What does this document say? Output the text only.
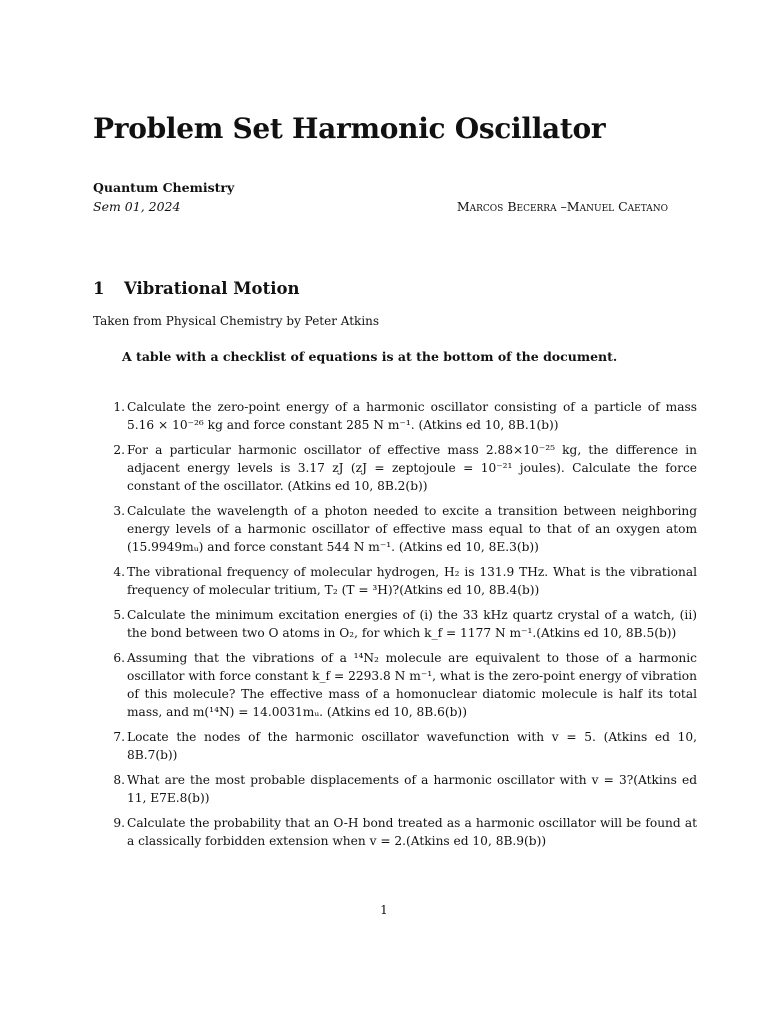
Problem Set Harmonic Oscillator
Quantum Chemistry
Sem 01, 2024	Marcos Becerra –Manuel Caetano
1 Vibrational Motion
Taken from Physical Chemistry by Peter Atkins
A table with a checklist of equations is at the bottom of the document.
1. Calculate the zero-point energy of a harmonic oscillator consisting of a particle of mass 5.16 × 10⁻²⁶ kg and force constant 285 N m⁻¹. (Atkins ed 10, 8B.1(b))
2. For a particular harmonic oscillator of effective mass 2.88×10⁻²⁵ kg, the difference in adjacent energy levels is 3.17 zJ (zJ = zeptojoule = 10⁻²¹ joules). Calculate the force constant of the oscillator. (Atkins ed 10, 8B.2(b))
3. Calculate the wavelength of a photon needed to excite a transition between neighboring energy levels of a harmonic oscillator of effective mass equal to that of an oxygen atom (15.9949mᵤ) and force constant 544 N m⁻¹. (Atkins ed 10, 8E.3(b))
4. The vibrational frequency of molecular hydrogen, H₂ is 131.9 THz. What is the vibrational frequency of molecular tritium, T₂ (T = ³H)?(Atkins ed 10, 8B.4(b))
5. Calculate the minimum excitation energies of (i) the 33 kHz quartz crystal of a watch, (ii) the bond between two O atoms in O₂, for which k_f = 1177 N m⁻¹.(Atkins ed 10, 8B.5(b))
6. Assuming that the vibrations of a ¹⁴N₂ molecule are equivalent to those of a harmonic oscillator with force constant k_f = 2293.8 N m⁻¹, what is the zero-point energy of vibration of this molecule? The effective mass of a homonuclear diatomic molecule is half its total mass, and m(¹⁴N) = 14.0031mᵤ. (Atkins ed 10, 8B.6(b))
7. Locate the nodes of the harmonic oscillator wavefunction with v = 5. (Atkins ed 10, 8B.7(b))
8. What are the most probable displacements of a harmonic oscillator with v = 3?(Atkins ed 11, E7E.8(b))
9. Calculate the probability that an O-H bond treated as a harmonic oscillator will be found at a classically forbidden extension when v = 2.(Atkins ed 10, 8B.9(b))
1
